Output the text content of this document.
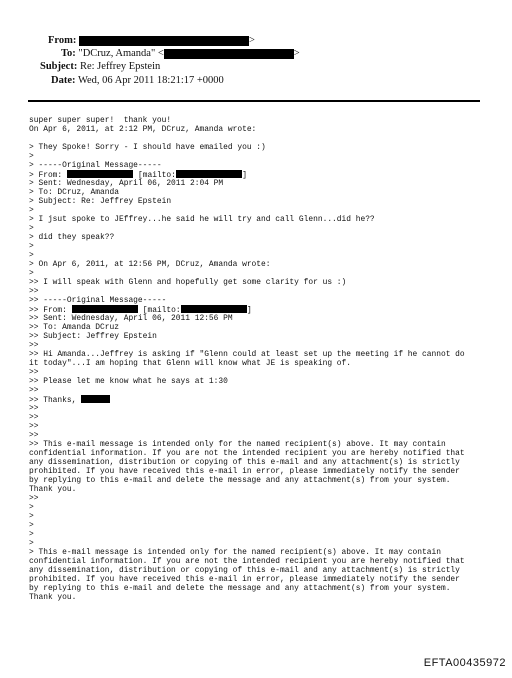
From:	>
To: "DCruz, Amanda" <	>
Subject: Re: Jeffrey Epstein
Date: Wed, 06 Apr 2011 18:21:17 +0000
super super super!  thank you!
On Apr 6, 2011, at 2:12 PM, DCruz, Amanda wrote:
> They Spoke! Sorry - I should have emailed you :)
>
> -----Original Message-----
> From:	[mailto:	]
> Sent: Wednesday, April 06, 2011 2:04 PM
> To: DCruz, Amanda
> Subject: Re: Jeffrey Epstein
>
> I jsut spoke to JEffrey...he said he will try and call Glenn...did he??
>
> did they speak??
>
>
> On Apr 6, 2011, at 12:56 PM, DCruz, Amanda wrote:
>
>> I will speak with Glenn and hopefully get some clarity for us :)
>>
>> -----Original Message-----
>> From:	[mailto:	]
>> Sent: Wednesday, April 06, 2011 12:56 PM
>> To: Amanda DCruz
>> Subject: Jeffrey Epstein
>>
>> Hi Amanda...Jeffrey is asking if "Glenn could at least set up the meeting if he cannot do
it today"...I am hoping that Glenn will know what JE is speaking of.
>>
>> Please let me know what he says at 1:30
>>
>> Thanks,
>>
>>
>>
>>
>> This e-mail message is intended only for the named recipient(s) above. It may contain
confidential information. If you are not the intended recipient you are hereby notified that
any dissemination, distribution or copying of this e-mail and any attachment(s) is strictly
prohibited. If you have received this e-mail in error, please immediately notify the sender
by replying to this e-mail and delete the message and any attachment(s) from your system.
Thank you.
>>
>
>
>
>
>
> This e-mail message is intended only for the named recipient(s) above. It may contain
confidential information. If you are not the intended recipient you are hereby notified that
any dissemination, distribution or copying of this e-mail and any attachment(s) is strictly
prohibited. If you have received this e-mail in error, please immediately notify the sender
by replying to this e-mail and delete the message and any attachment(s) from your system.
Thank you.
EFTA00435972
